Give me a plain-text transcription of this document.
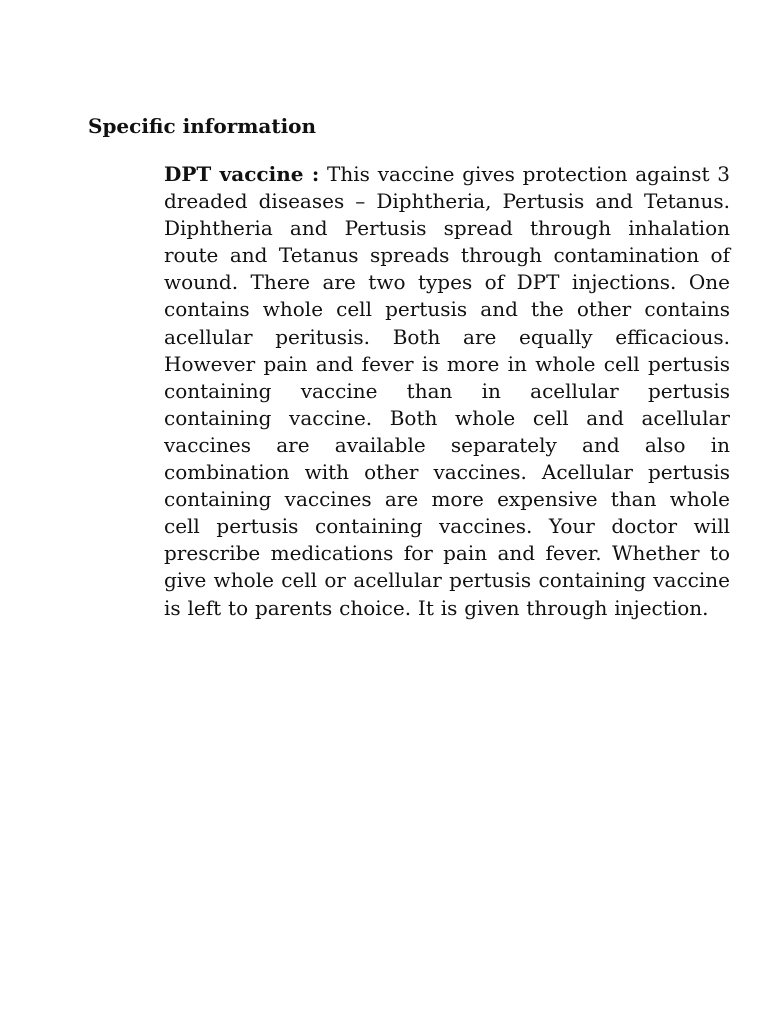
Specific information

DPT vaccine : This vaccine gives protection against 3 dreaded diseases – Diphtheria, Pertusis and Tetanus. Diphtheria and Pertusis spread through inhalation route and Tetanus spreads through contamination of wound. There are two types of DPT injections. One contains whole cell pertusis and the other contains acellular peritusis. Both are equally efficacious. However pain and fever is more in whole cell pertusis containing vaccine than in acellular pertusis containing vaccine. Both whole cell and acellular vaccines are available separately and also in combination with other vaccines. Acellular pertusis containing vaccines are more expensive than whole cell pertusis containing vaccines. Your doctor will prescribe medications for pain and fever. Whether to give whole cell or acellular pertusis containing vaccine is left to parents choice. It is given through injection.
